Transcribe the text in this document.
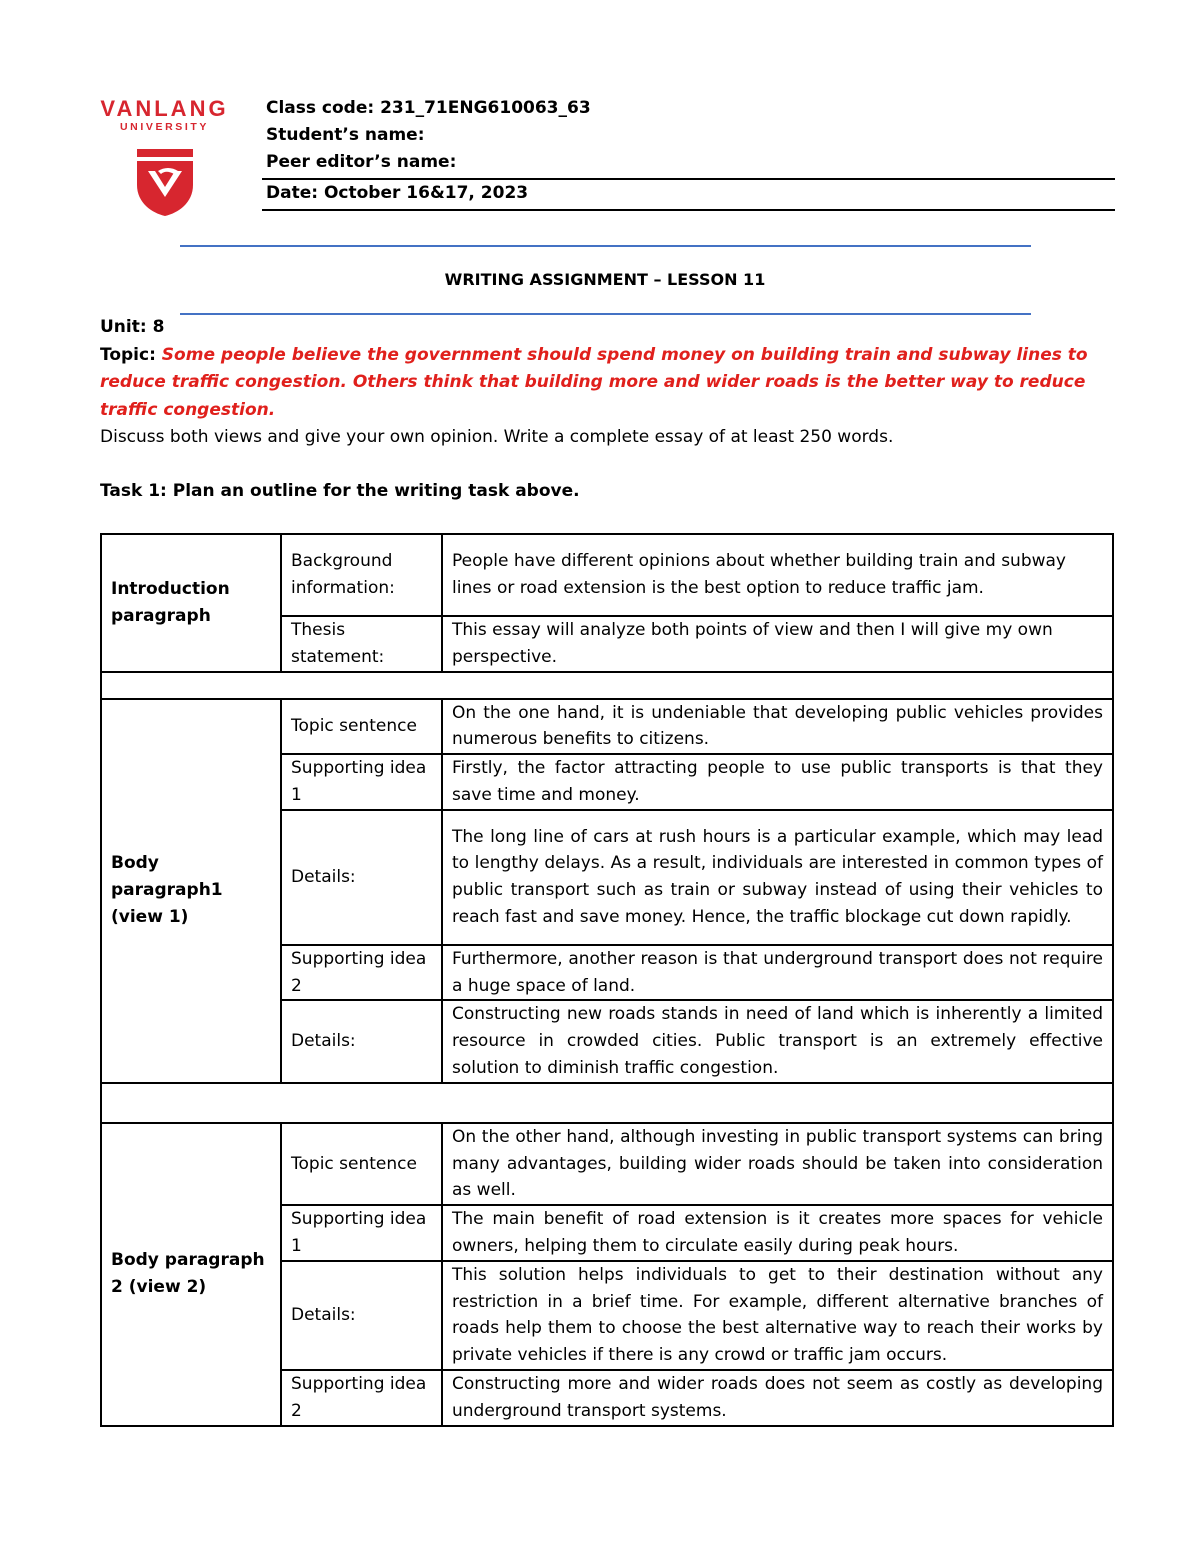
VANLANG
UNIVERSITY
Class code: 231_71ENG610063_63
Student’s name:
Peer editor’s name:
Date: October 16&17, 2023
WRITING ASSIGNMENT – LESSON 11
Unit: 8
Topic: Some people believe the government should spend money on building train and subway lines to reduce traffic congestion. Others think that building more and wider roads is the better way to reduce traffic congestion.
Discuss both views and give your own opinion. Write a complete essay of at least 250 words.
Task 1: Plan an outline for the writing task above.
Introduction paragraph	Background information:	People have different opinions about whether building train and subway lines or road extension is the best option to reduce traffic jam.
	Thesis statement:	This essay will analyze both points of view and then I will give my own perspective.

Body paragraph1 (view 1)	Topic sentence	On the one hand, it is undeniable that developing public vehicles provides numerous benefits to citizens.
	Supporting idea 1	Firstly, the factor attracting people to use public transports is that they save time and money.
	Details:	The long line of cars at rush hours is a particular example, which may lead to lengthy delays. As a result, individuals are interested in common types of public transport such as train or subway instead of using their vehicles to reach fast and save money. Hence, the traffic blockage cut down rapidly.
	Supporting idea 2	Furthermore, another reason is that underground transport does not require a huge space of land.
	Details:	Constructing new roads stands in need of land which is inherently a limited resource in crowded cities. Public transport is an extremely effective solution to diminish traffic congestion.

Body paragraph 2 (view 2)	Topic sentence	On the other hand, although investing in public transport systems can bring many advantages, building wider roads should be taken into consideration as well.
	Supporting idea 1	The main benefit of road extension is it creates more spaces for vehicle owners, helping them to circulate easily during peak hours.
	Details:	This solution helps individuals to get to their destination without any restriction in a brief time. For example, different alternative branches of roads help them to choose the best alternative way to reach their works by private vehicles if there is any crowd or traffic jam occurs.
	Supporting idea 2	Constructing more and wider roads does not seem as costly as developing underground transport systems.
